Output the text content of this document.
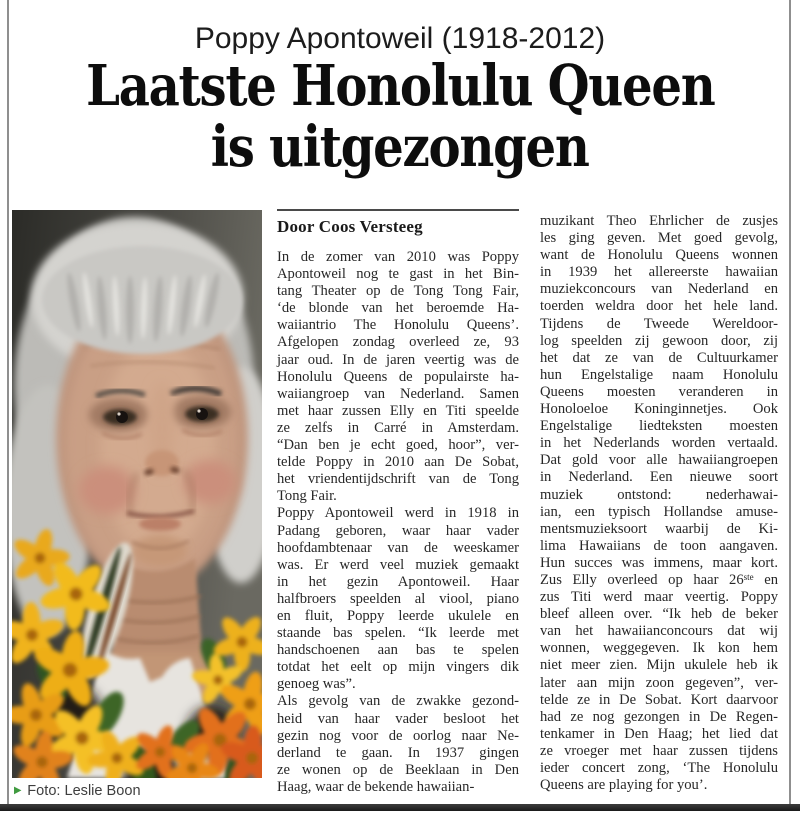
Poppy Apontoweil (1918-2012)
Laatste Honolulu Queen
is uitgezongen
▶ Foto: Leslie Boon
Door Coos Versteeg
In de zomer van 2010 was Poppy
Apontoweil nog te gast in het Bin-
tang Theater op de Tong Tong Fair,
‘de blonde van het beroemde Ha-
waiiantrio The Honolulu Queens’.
Afgelopen zondag overleed ze, 93
jaar oud. In de jaren veertig was de
Honolulu Queens de populairste ha-
waiiangroep van Nederland. Samen
met haar zussen Elly en Titi speelde
ze zelfs in Carré in Amsterdam.
“Dan ben je echt goed, hoor”, ver-
telde Poppy in 2010 aan De Sobat,
het vriendentijdschrift van de Tong
Tong Fair.
Poppy Apontoweil werd in 1918 in
Padang geboren, waar haar vader
hoofdambtenaar van de weeskamer
was. Er werd veel muziek gemaakt
in het gezin Apontoweil. Haar
halfbroers speelden al viool, piano
en fluit, Poppy leerde ukulele en
staande bas spelen. “Ik leerde met
handschoenen aan bas te spelen
totdat het eelt op mijn vingers dik
genoeg was”.
Als gevolg van de zwakke gezond-
heid van haar vader besloot het
gezin nog voor de oorlog naar Ne-
derland te gaan. In 1937 gingen
ze wonen op de Beeklaan in Den
Haag, waar de bekende hawaiian-
muzikant Theo Ehrlicher de zusjes
les ging geven. Met goed gevolg,
want de Honolulu Queens wonnen
in 1939 het allereerste hawaiian
muziekconcours van Nederland en
toerden weldra door het hele land.
Tijdens de Tweede Wereldoor-
log speelden zij gewoon door, zij
het dat ze van de Cultuurkamer
hun Engelstalige naam Honolulu
Queens moesten veranderen in
Honoloeloe Koninginnetjes. Ook
Engelstalige liedteksten moesten
in het Nederlands worden vertaald.
Dat gold voor alle hawaiiangroepen
in Nederland. Een nieuwe soort
muziek ontstond: nederhawai-
ian, een typisch Hollandse amuse-
mentsmuzieksoort waarbij de Ki-
lima Hawaiians de toon aangaven.
Hun succes was immens, maar kort.
Zus Elly overleed op haar 26ste en
zus Titi werd maar veertig. Poppy
bleef alleen over. “Ik heb de beker
van het hawaiianconcours dat wij
wonnen, weggegeven. Ik kon hem
niet meer zien. Mijn ukulele heb ik
later aan mijn zoon gegeven”, ver-
telde ze in De Sobat. Kort daarvoor
had ze nog gezongen in De Regen-
tenkamer in Den Haag; het lied dat
ze vroeger met haar zussen tijdens
ieder concert zong, ‘The Honolulu
Queens are playing for you’.
